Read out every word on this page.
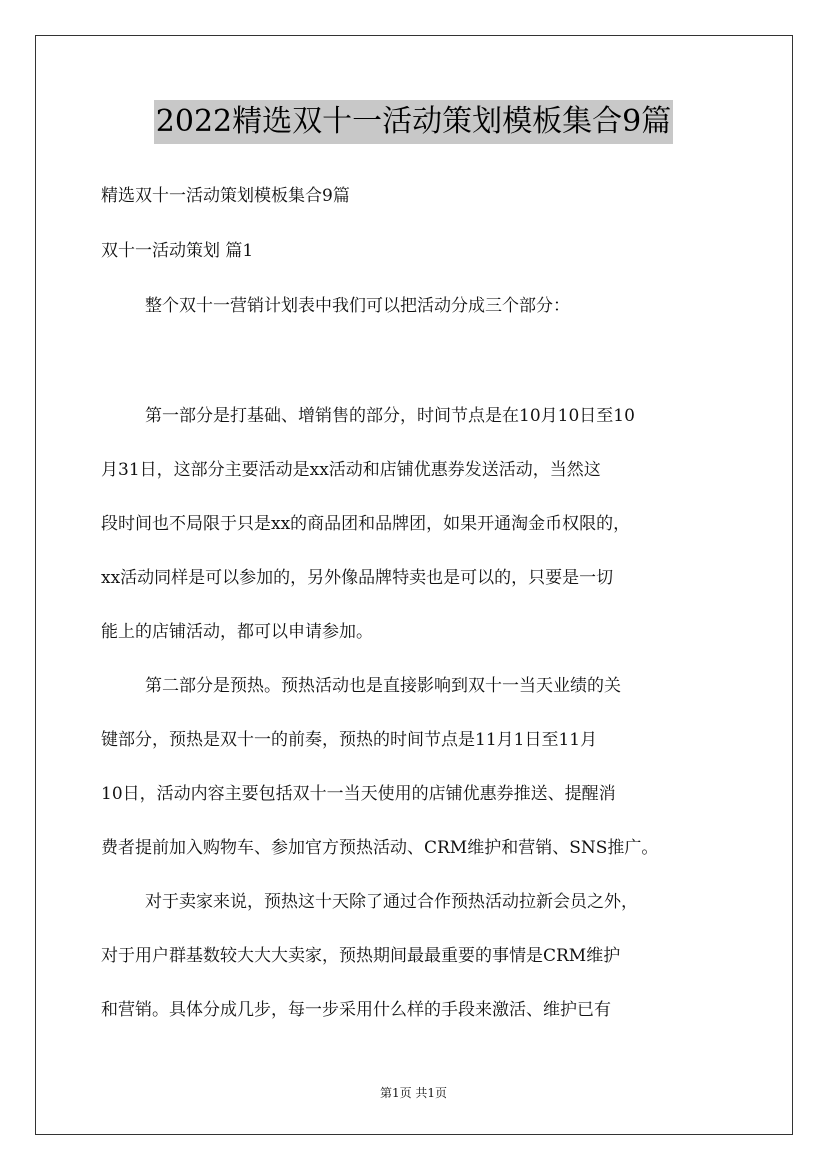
2022精选双十一活动策划模板集合9篇
精选双十一活动策划模板集合9篇
双十一活动策划 篇1
整个双十一营销计划表中我们可以把活动分成三个部分：
第一部分是打基础、增销售的部分，时间节点是在10月10日至10
月31日，这部分主要活动是xx活动和店铺优惠券发送活动，当然这
段时间也不局限于只是xx的商品团和品牌团，如果开通淘金币权限的，
xx活动同样是可以参加的，另外像品牌特卖也是可以的，只要是一切
能上的店铺活动，都可以申请参加。
第二部分是预热。预热活动也是直接影响到双十一当天业绩的关
键部分，预热是双十一的前奏，预热的时间节点是11月1日至11月
10日，活动内容主要包括双十一当天使用的店铺优惠券推送、提醒消
费者提前加入购物车、参加官方预热活动、CRM维护和营销、SNS推广。
对于卖家来说，预热这十天除了通过合作预热活动拉新会员之外，
对于用户群基数较大大大卖家，预热期间最最重要的事情是CRM维护
和营销。具体分成几步，每一步采用什么样的手段来激活、维护已有
第1页 共1页
